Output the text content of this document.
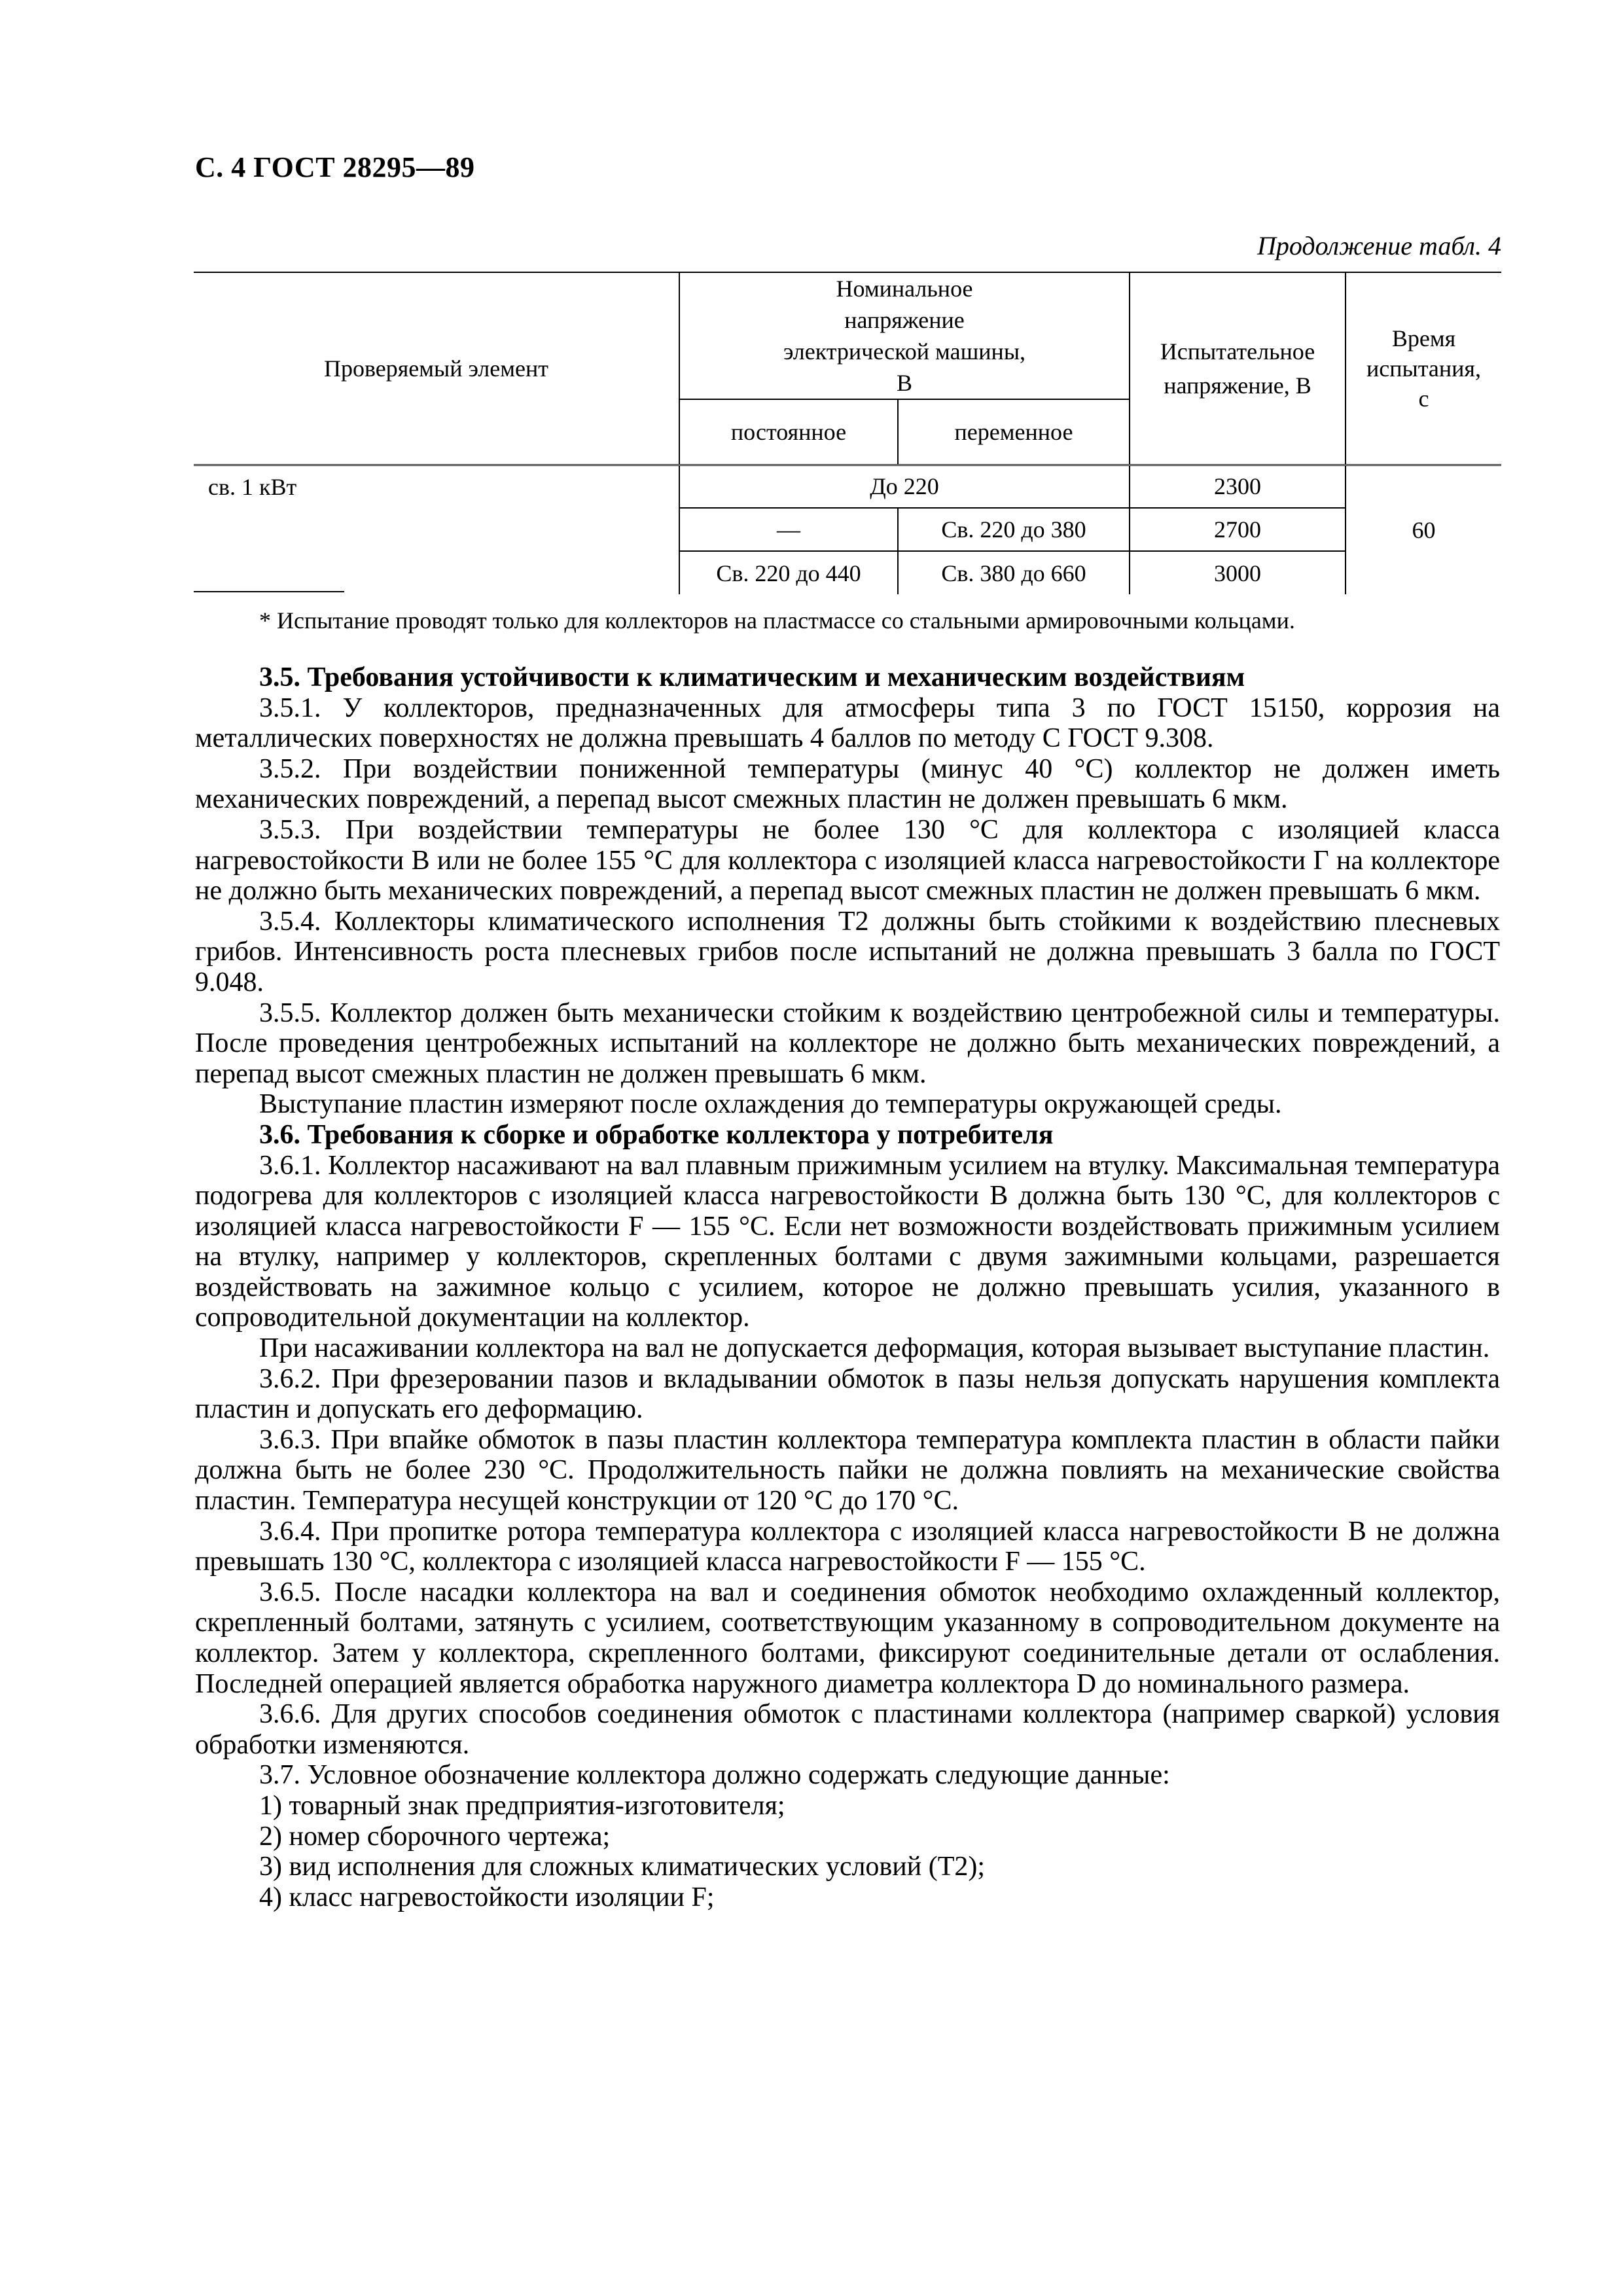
С. 4 ГОСТ 28295—89
Продолжение табл. 4
Проверяемый элемент	Номинальное напряжение электрической машины, В		Испытательное напряжение, В	Время испытания, с
	постоянное	переменное		
св. 1 кВт	До 220		2300	60
	—	Св. 220 до 380	2700	
	Св. 220 до 440	Св. 380 до 660	3000	
* Испытание проводят только для коллекторов на пластмассе со стальными армировочными кольцами.

3.5. Требования устойчивости к климатическим и механическим воздействиям

3.5.1. У коллекторов, предназначенных для атмосферы типа 3 по ГОСТ 15150, коррозия на металлических поверхностях не должна превышать 4 баллов по методу С ГОСТ 9.308.

3.5.2. При воздействии пониженной температуры (минус 40 °С) коллектор не должен иметь механических повреждений, а перепад высот смежных пластин не должен превышать 6 мкм.

3.5.3. При воздействии температуры не более 130 °С для коллектора с изоляцией класса нагревостойкости В или не более 155 °С для коллектора с изоляцией класса нагревостойкости Г на коллекторе не должно быть механических повреждений, а перепад высот смежных пластин не должен превышать 6 мкм.

3.5.4. Коллекторы климатического исполнения Т2 должны быть стойкими к воздействию плесневых грибов. Интенсивность роста плесневых грибов после испытаний не должна превышать 3 балла по ГОСТ 9.048.

3.5.5. Коллектор должен быть механически стойким к воздействию центробежной силы и температуры. После проведения центробежных испытаний на коллекторе не должно быть механических повреждений, а перепад высот смежных пластин не должен превышать 6 мкм.

Выступание пластин измеряют после охлаждения до температуры окружающей среды.

3.6. Требования к сборке и обработке коллектора у потребителя

3.6.1. Коллектор насаживают на вал плавным прижимным усилием на втулку. Максимальная температура подогрева для коллекторов с изоляцией класса нагревостойкости В должна быть 130 °С, для коллекторов с изоляцией класса нагревостойкости F — 155 °С. Если нет возможности воздействовать прижимным усилием на втулку, например у коллекторов, скрепленных болтами с двумя зажимными кольцами, разрешается воздействовать на зажимное кольцо с усилием, которое не должно превышать усилия, указанного в сопроводительной документации на коллектор.

При насаживании коллектора на вал не допускается деформация, которая вызывает выступание пластин.

3.6.2. При фрезеровании пазов и вкладывании обмоток в пазы нельзя допускать нарушения комплекта пластин и допускать его деформацию.

3.6.3. При впайке обмоток в пазы пластин коллектора температура комплекта пластин в области пайки должна быть не более 230 °С. Продолжительность пайки не должна повлиять на механические свойства пластин. Температура несущей конструкции от 120 °С до 170 °С.

3.6.4. При пропитке ротора температура коллектора с изоляцией класса нагревостойкости В не должна превышать 130 °С, коллектора с изоляцией класса нагревостойкости F — 155 °С.

3.6.5. После насадки коллектора на вал и соединения обмоток необходимо охлажденный коллектор, скрепленный болтами, затянуть с усилием, соответствующим указанному в сопроводительном документе на коллектор. Затем у коллектора, скрепленного болтами, фиксируют соединительные детали от ослабления. Последней операцией является обработка наружного диаметра коллектора D до номинального размера.

3.6.6. Для других способов соединения обмоток с пластинами коллектора (например сваркой) условия обработки изменяются.

3.7. Условное обозначение коллектора должно содержать следующие данные:

1) товарный знак предприятия-изготовителя;

2) номер сборочного чертежа;

3) вид исполнения для сложных климатических условий (Т2);

4) класс нагревостойкости изоляции F;
